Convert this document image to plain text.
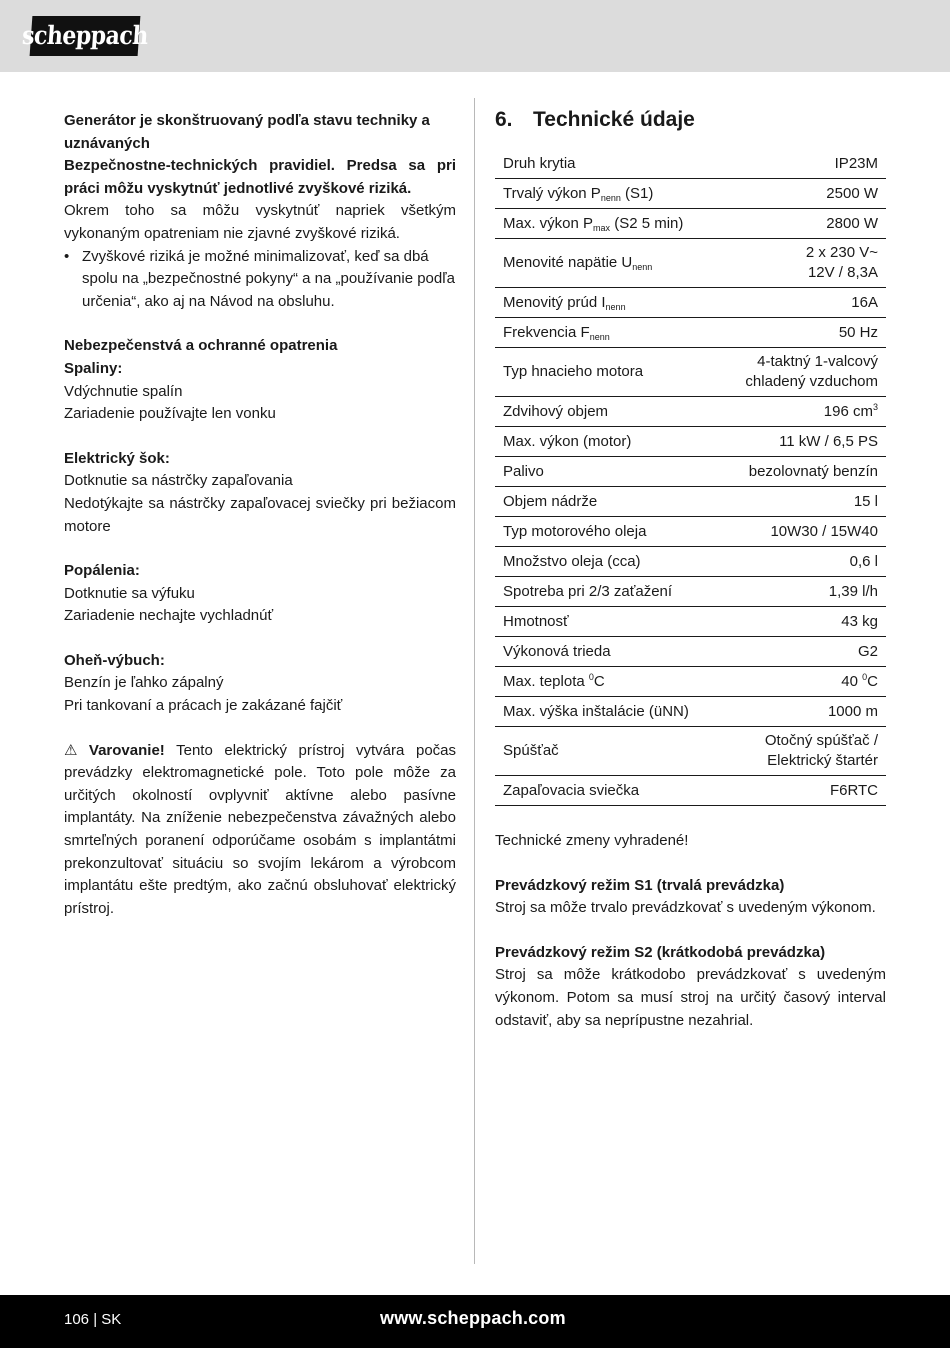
scheppach

Generátor je skonštruovaný podľa stavu techniky a uznávaných

Bezpečnostne-technických pravidiel. Predsa sa pri práci môžu vyskytnúť jednotlivé zvyškové riziká.

Okrem toho sa môžu vyskytnúť napriek všetkým vykonaným opatreniam nie zjavné zvyškové riziká.

• Zvyškové riziká je možné minimalizovať, keď sa dbá spolu na „bezpečnostné pokyny“ a na „používanie podľa určenia“, ako aj na Návod na obsluhu.

Nebezpečenstvá a ochranné opatrenia

Spaliny:

Vdýchnutie spalín

Zariadenie používajte len vonku

Elektrický šok:

Dotknutie sa nástrčky zapaľovania

Nedotýkajte sa nástrčky zapaľovacej sviečky pri bežiacom motore

Popálenia:

Dotknutie sa výfuku

Zariadenie nechajte vychladnúť

Oheň-výbuch:

Benzín je ľahko zápalný

Pri tankovaní a prácach je zakázané fajčiť

⚠ Varovanie! Tento elektrický prístroj vytvára počas prevádzky elektromagnetické pole. Toto pole môže za určitých okolností ovplyvniť aktívne alebo pasívne implantáty. Na zníženie nebezpečenstva závažných alebo smrteľných poranení odporúčame osobám s implantátmi prekonzultovať situáciu so svojím lekárom a výrobcom implantátu ešte predtým, ako začnú obsluhovať elektrický prístroj.

6. Technické údaje
Druh krytia	IP23M
Trvalý výkon $P_{nenn}$ (S1)	2500 W
Max. výkon $P_{max}$ (S2 5 min)	2800 W
Menovité napätie $U_{nenn}$	2 x 230 V~
12V / 8,3A
Menovitý prúd $I_{nenn}$	16A
Frekvencia $F_{nenn}$	50 Hz
Typ hnacieho motora	4-taktný 1-valcový
chladený vzduchom
Zdvihový objem	196 $cm^3$
Max. výkon (motor)	11 kW / 6,5 PS
Palivo	bezolovnatý benzín
Objem nádrže	15 l
Typ motorového oleja	10W30 / 15W40
Množstvo oleja (cca)	0,6 l
Spotreba pri 2/3 zaťažení	1,39 l/h
Hmotnosť	43 kg
Výkonová trieda	G2
Max. teplota $^0$C	40 $^0$C
Max. výška inštalácie (üNN)	1000 m
Spúšťač	Otočný spúšťač /
Elektrický štartér
Zapaľovacia sviečka	F6RTC

Technické zmeny vyhradené!

Prevádzkový režim S1 (trvalá prevádzka)

Stroj sa môže trvalo prevádzkovať s uvedeným výkonom.

Prevádzkový režim S2 (krátkodobá prevádzka)

Stroj sa môže krátkodobo prevádzkovať s uvedeným výkonom. Potom sa musí stroj na určitý časový interval odstaviť, aby sa neprípustne nezahrial.

106 | SK	www.scheppach.com
